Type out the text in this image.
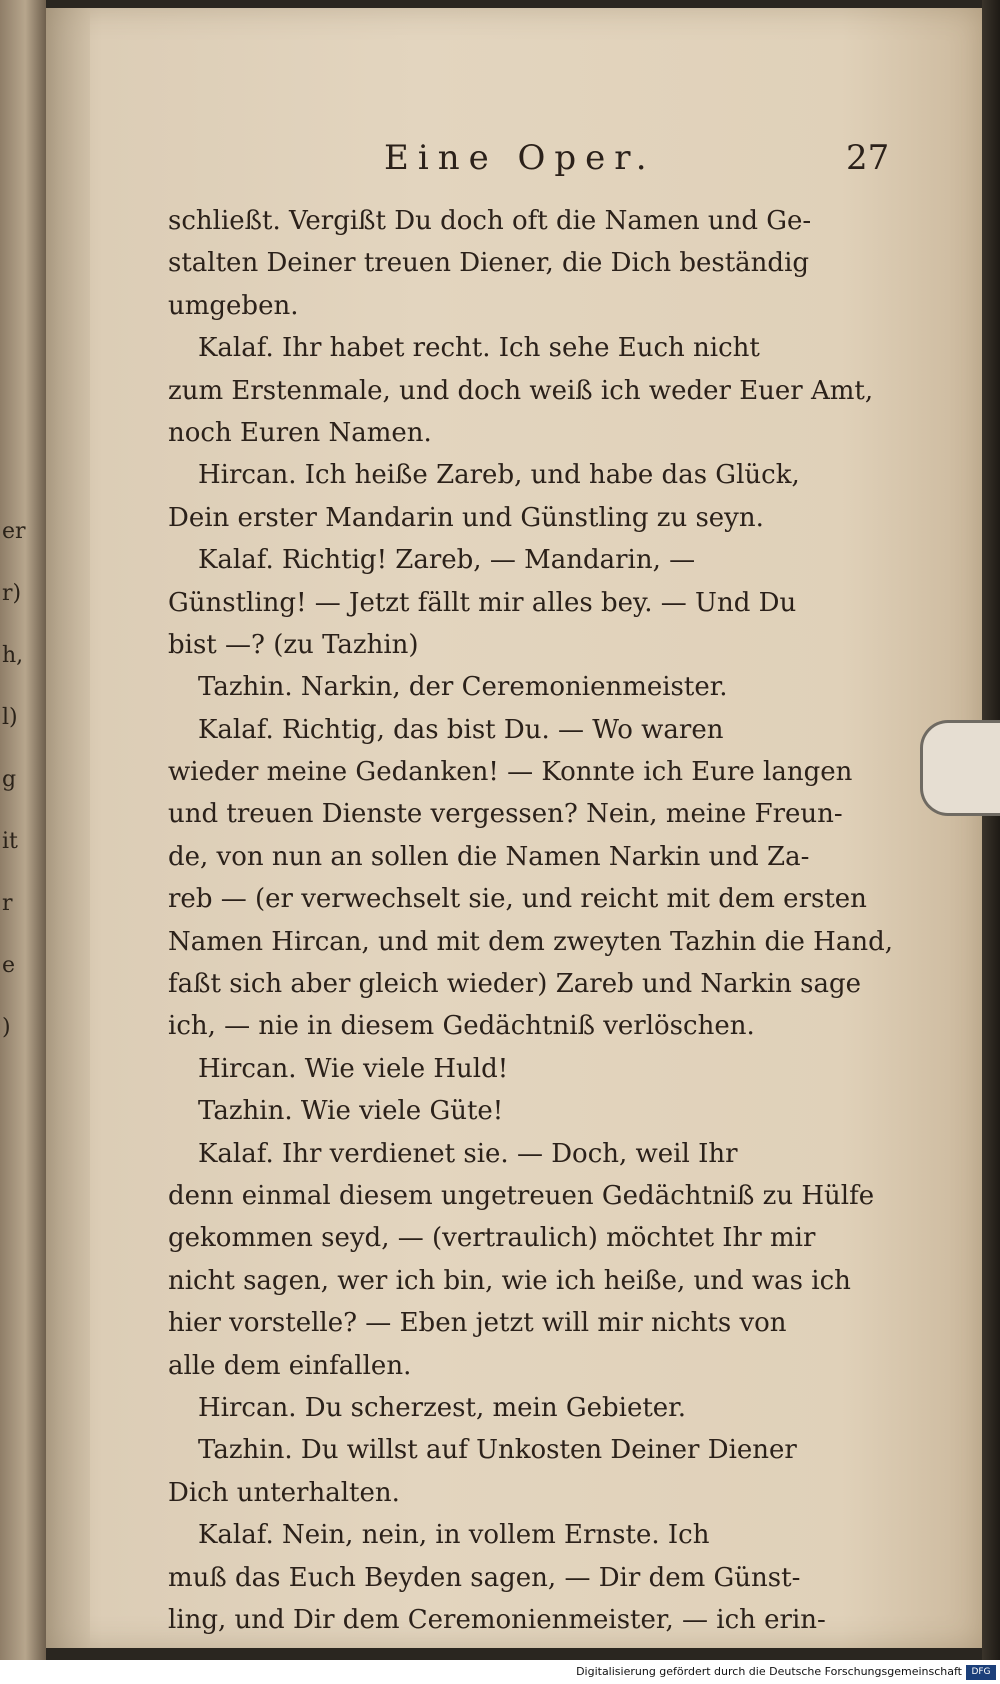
er
r)
h,
l)
g
it
r
e
)
Eine Oper.	27
schließt. Vergißt Du doch oft die Namen und Ge-
stalten Deiner treuen Diener, die Dich beständig
umgeben.
Kalaf. Ihr habet recht. Ich sehe Euch nicht
zum Erstenmale, und doch weiß ich weder Euer Amt,
noch Euren Namen.
Hircan. Ich heiße Zareb, und habe das Glück,
Dein erster Mandarin und Günstling zu seyn.
Kalaf. Richtig! Zareb, — Mandarin, —
Günstling! — Jetzt fällt mir alles bey. — Und Du
bist —? (zu Tazhin)
Tazhin. Narkin, der Ceremonienmeister.
Kalaf. Richtig, das bist Du. — Wo waren
wieder meine Gedanken! — Konnte ich Eure langen
und treuen Dienste vergessen? Nein, meine Freun-
de, von nun an sollen die Namen Narkin und Za-
reb — (er verwechselt sie, und reicht mit dem ersten
Namen Hircan, und mit dem zweyten Tazhin die Hand,
faßt sich aber gleich wieder) Zareb und Narkin sage
ich, — nie in diesem Gedächtniß verlöschen.
Hircan. Wie viele Huld!
Tazhin. Wie viele Güte!
Kalaf. Ihr verdienet sie. — Doch, weil Ihr
denn einmal diesem ungetreuen Gedächtniß zu Hülfe
gekommen seyd, — (vertraulich) möchtet Ihr mir
nicht sagen, wer ich bin, wie ich heiße, und was ich
hier vorstelle? — Eben jetzt will mir nichts von
alle dem einfallen.
Hircan. Du scherzest, mein Gebieter.
Tazhin. Du willst auf Unkosten Deiner Diener
Dich unterhalten.
Kalaf. Nein, nein, in vollem Ernste. Ich
muß das Euch Beyden sagen, — Dir dem Günst-
ling, und Dir dem Ceremonienmeister, — ich erin-
Digitalisierung gefördert durch die Deutsche Forschungsgemeinschaft	DFG
